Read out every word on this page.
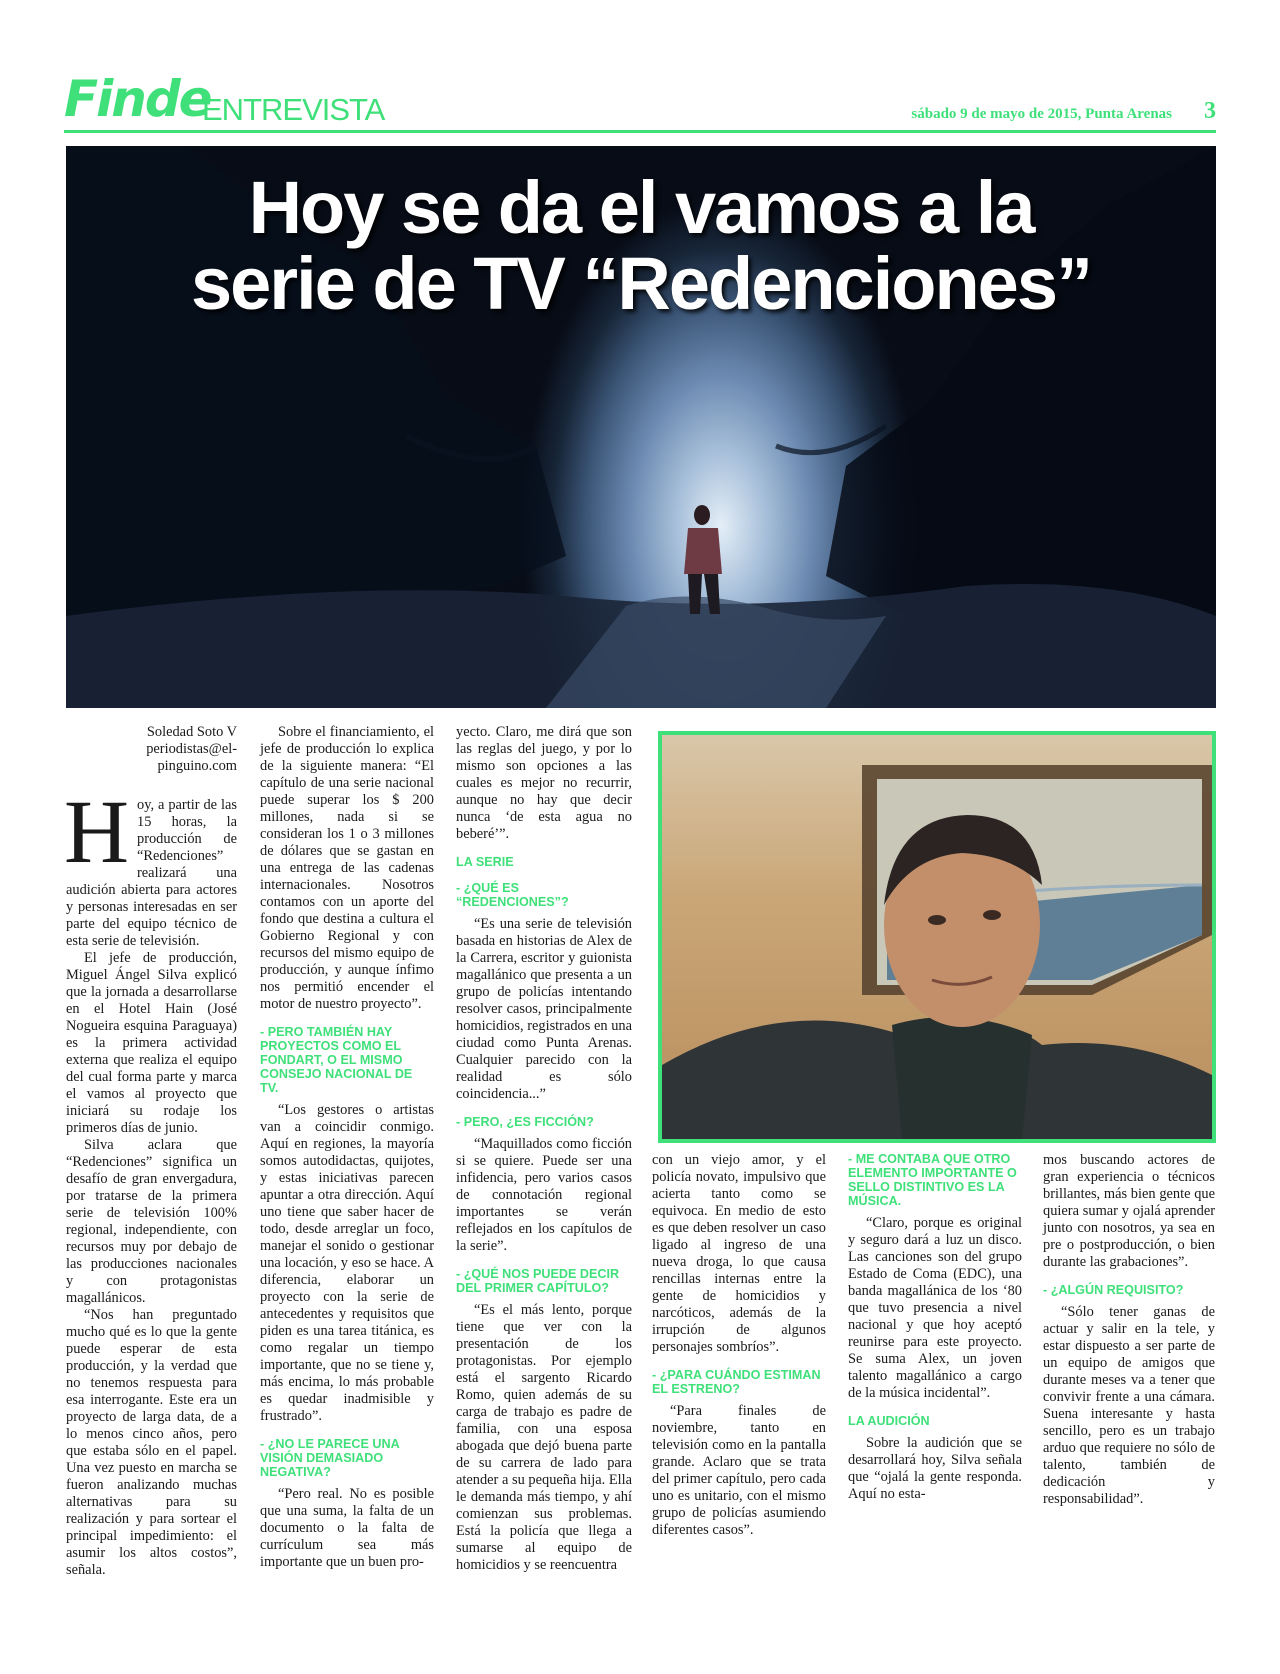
Finde
ENTREVISTA	sábado 9 de mayo de 2015, Punta Arenas 3
Hoy se da el vamos a la
serie de TV “Redenciones”
Soledad Soto V
periodistas@el-
pinguino.com

Hoy, a partir de las 15 horas, la producción de “Redenciones” realizará una audición abierta para actores y personas interesadas en ser parte del equipo técnico de esta serie de televisión.

El jefe de producción, Miguel Ángel Silva explicó que la jornada a desarrollarse en el Hotel Hain (José Nogueira esquina Paraguaya) es la primera actividad externa que realiza el equipo del cual forma parte y marca el vamos al proyecto que iniciará su rodaje los primeros días de junio.

Silva aclara que “Redenciones” significa un desafío de gran envergadura, por tratarse de la primera serie de televisión 100% regional, independiente, con recursos muy por debajo de las producciones nacionales y con protagonistas magallánicos.

“Nos han preguntado mucho qué es lo que la gente puede esperar de esta producción, y la verdad que no tenemos respuesta para esa interrogante. Este era un proyecto de larga data, de a lo menos cinco años, pero que estaba sólo en el papel. Una vez puesto en marcha se fueron analizando muchas alternativas para su realización y para sortear el principal impedimiento: el asumir los altos costos”, señala.

Sobre el financiamiento, el jefe de producción lo explica de la siguiente manera: “El capítulo de una serie nacional puede superar los $ 200 millones, nada si se consideran los 1 o 3 millones de dólares que se gastan en una entrega de las cadenas internacionales. Nosotros contamos con un aporte del fondo que destina a cultura el Gobierno Regional y con recursos del mismo equipo de producción, y aunque ínfimo nos permitió encender el motor de nuestro proyecto”.

- PERO TAMBIÉN HAY PROYECTOS COMO EL FONDART, O EL MISMO CONSEJO NACIONAL DE TV.

“Los gestores o artistas van a coincidir conmigo. Aquí en regiones, la mayoría somos autodidactas, quijotes, y estas iniciativas parecen apuntar a otra dirección. Aquí uno tiene que saber hacer de todo, desde arreglar un foco, manejar el sonido o gestionar una locación, y eso se hace. A diferencia, elaborar un proyecto con la serie de antecedentes y requisitos que piden es una tarea titánica, es como regalar un tiempo importante, que no se tiene y, más encima, lo más probable es quedar inadmisible y frustrado”.

- ¿NO LE PARECE UNA VISIÓN DEMASIADO NEGATIVA?

“Pero real. No es posible que una suma, la falta de un documento o la falta de currículum sea más importante que un buen pro-

yecto. Claro, me dirá que son las reglas del juego, y por lo mismo son opciones a las cuales es mejor no recurrir, aunque no hay que decir nunca ‘de esta agua no beberé’”.

LA SERIE
- ¿QUÉ ES “REDENCIONES”?

“Es una serie de televisión basada en historias de Alex de la Carrera, escritor y guionista magallánico que presenta a un grupo de policías intentando resolver casos, principalmente homicidios, registrados en una ciudad como Punta Arenas. Cualquier parecido con la realidad es sólo coincidencia...”

- PERO, ¿ES FICCIÓN?

“Maquillados como ficción si se quiere. Puede ser una infidencia, pero varios casos de connotación regional importantes se verán reflejados en los capítulos de la serie”.

- ¿QUÉ NOS PUEDE DECIR DEL PRIMER CAPÍTULO?

“Es el más lento, porque tiene que ver con la presentación de los protagonistas. Por ejemplo está el sargento Ricardo Romo, quien además de su carga de trabajo es padre de familia, con una esposa abogada que dejó buena parte de su carrera de lado para atender a su pequeña hija. Ella le demanda más tiempo, y ahí comienzan sus problemas. Está la policía que llega a sumarse al equipo de homicidios y se reencuentra

con un viejo amor, y el policía novato, impulsivo que acierta tanto como se equivoca. En medio de esto es que deben resolver un caso ligado al ingreso de una nueva droga, lo que causa rencillas internas entre la gente de homicidios y narcóticos, además de la irrupción de algunos personajes sombríos”.

- ¿PARA CUÁNDO ESTIMAN EL ESTRENO?

“Para finales de noviembre, tanto en televisión como en la pantalla grande. Aclaro que se trata del primer capítulo, pero cada uno es unitario, con el mismo grupo de policías asumiendo diferentes casos”.

- ME CONTABA QUE OTRO ELEMENTO IMPORTANTE O SELLO DISTINTIVO ES LA MÚSICA.

“Claro, porque es original y seguro dará a luz un disco. Las canciones son del grupo Estado de Coma (EDC), una banda magallánica de los ‘80 que tuvo presencia a nivel nacional y que hoy aceptó reunirse para este proyecto. Se suma Alex, un joven talento magallánico a cargo de la música incidental”.

LA AUDICIÓN

Sobre la audición que se desarrollará hoy, Silva señala que “ojalá la gente responda. Aquí no esta-

mos buscando actores de gran experiencia o técnicos brillantes, más bien gente que quiera sumar y ojalá aprender junto con nosotros, ya sea en pre o postproducción, o bien durante las grabaciones”.

- ¿ALGÚN REQUISITO?

“Sólo tener ganas de actuar y salir en la tele, y estar dispuesto a ser parte de un equipo de amigos que durante meses va a tener que convivir frente a una cámara. Suena interesante y hasta sencillo, pero es un trabajo arduo que requiere no sólo de talento, también de dedicación y responsabilidad”.
